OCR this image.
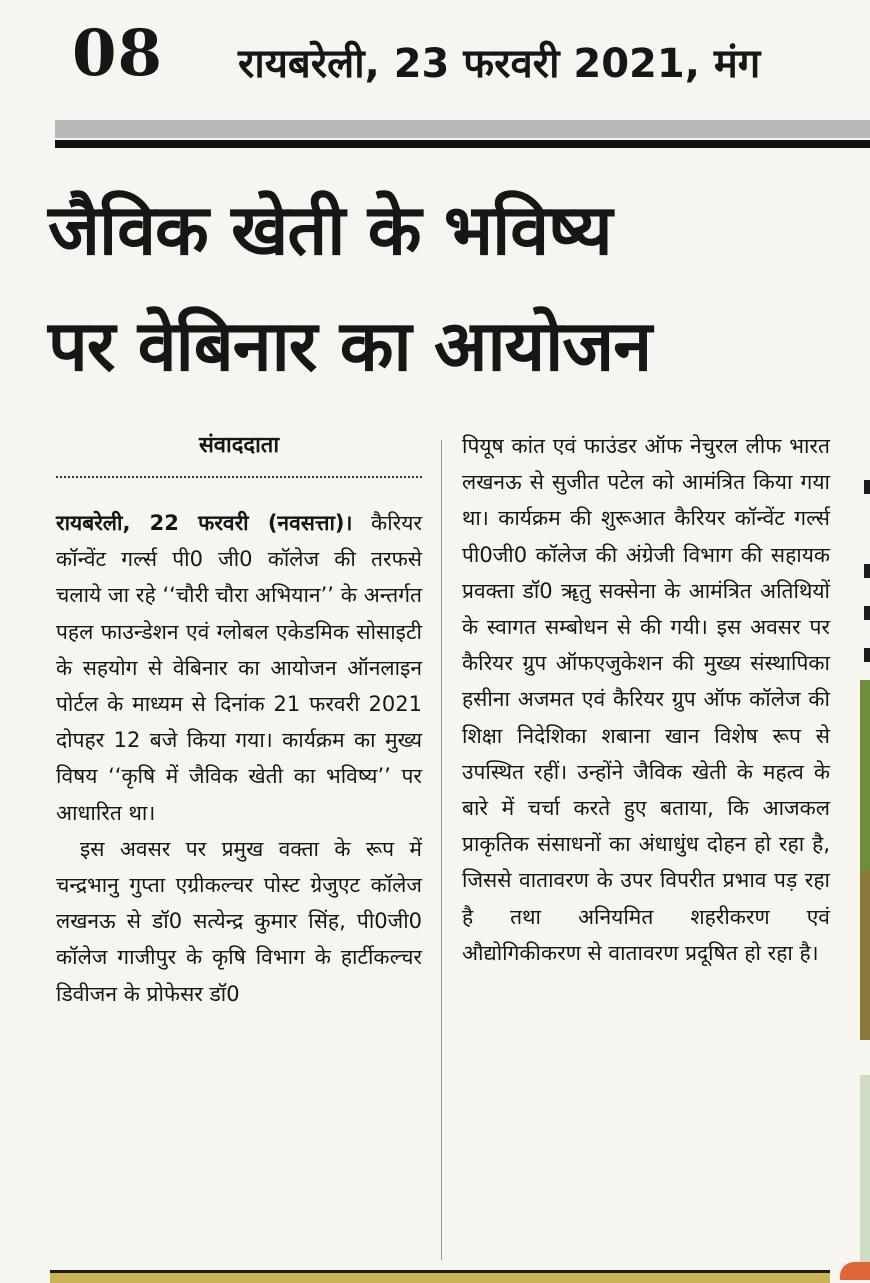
08 रायबरेली, 23 फरवरी 2021, मंग
जैविक खेती के भविष्य
पर वेबिनार का आयोजन
संवाददाता

रायबरेली, 22 फरवरी (नवसत्ता)। कैरियर कॉन्वेंट गर्ल्स पी0 जी0 कॉलेज की तरफसे चलाये जा रहे ‘‘चौरी चौरा अभियान’’ के अन्तर्गत पहल फाउन्डेशन एवं ग्लोबल एकेडमिक सोसाइटी के सहयोग से वेबिनार का आयोजन ऑनलाइन पोर्टल के माध्यम से दिनांक 21 फरवरी 2021 दोपहर 12 बजे किया गया। कार्यक्रम का मुख्य विषय ‘‘कृषि में जैविक खेती का भविष्य’’ पर आधारित था।

इस अवसर पर प्रमुख वक्ता के रूप में चन्द्रभानु गुप्ता एग्रीकल्चर पोस्ट ग्रेजुएट कॉलेज लखनऊ से डॉ0 सत्येन्द्र कुमार सिंह, पी0जी0 कॉलेज गाजीपुर के कृषि विभाग के हार्टीकल्चर डिवीजन के प्रोफेसर डॉ0

पियूष कांत एवं फाउंडर ऑफ नेचुरल लीफ भारत लखनऊ से सुजीत पटेल को आमंत्रित किया गया था। कार्यक्रम की शुरूआत कैरियर कॉन्वेंट गर्ल्स पी0जी0 कॉलेज की अंग्रेजी विभाग की सहायक प्रवक्ता डॉ0 ॠतु सक्सेना के आमंत्रित अतिथियों के स्वागत सम्बोधन से की गयी। इस अवसर पर कैरियर ग्रुप ऑफएजुकेशन की मुख्य संस्थापिका हसीना अजमत एवं कैरियर ग्रुप ऑफ कॉलेज की शिक्षा निदेशिका शबाना खान विशेष रूप से उपस्थित रहीं। उन्होंने जैविक खेती के महत्व के बारे में चर्चा करते हुए बताया, कि आजकल प्राकृतिक संसाधनों का अंधाधुंध दोहन हो रहा है, जिससे वातावरण के उपर विपरीत प्रभाव पड़ रहा है तथा अनियमित शहरीकरण एवं औद्योगिकीकरण से वातावरण प्रदूषित हो रहा है।
